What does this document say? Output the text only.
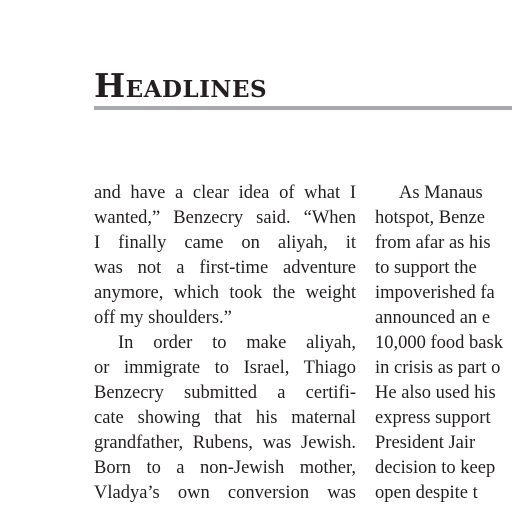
Headlines
and have a clear idea of what I
wanted,” Benzecry said. “When
I finally came on aliyah, it
was not a first-time adventure
anymore, which took the weight
off my shoulders.”
In order to make aliyah,
or immigrate to Israel, Thiago
Benzecry submitted a certifi-
cate showing that his maternal
grandfather, Rubens, was Jewish.
Born to a non-Jewish mother,
Vladya’s own conversion was
As Manaus
hotspot, Benze
from afar as his
to support the
impoverished fa
announced an e
10,000 food bask
in crisis as part o
He also used his
express support
President Jair
decision to keep
open despite t
